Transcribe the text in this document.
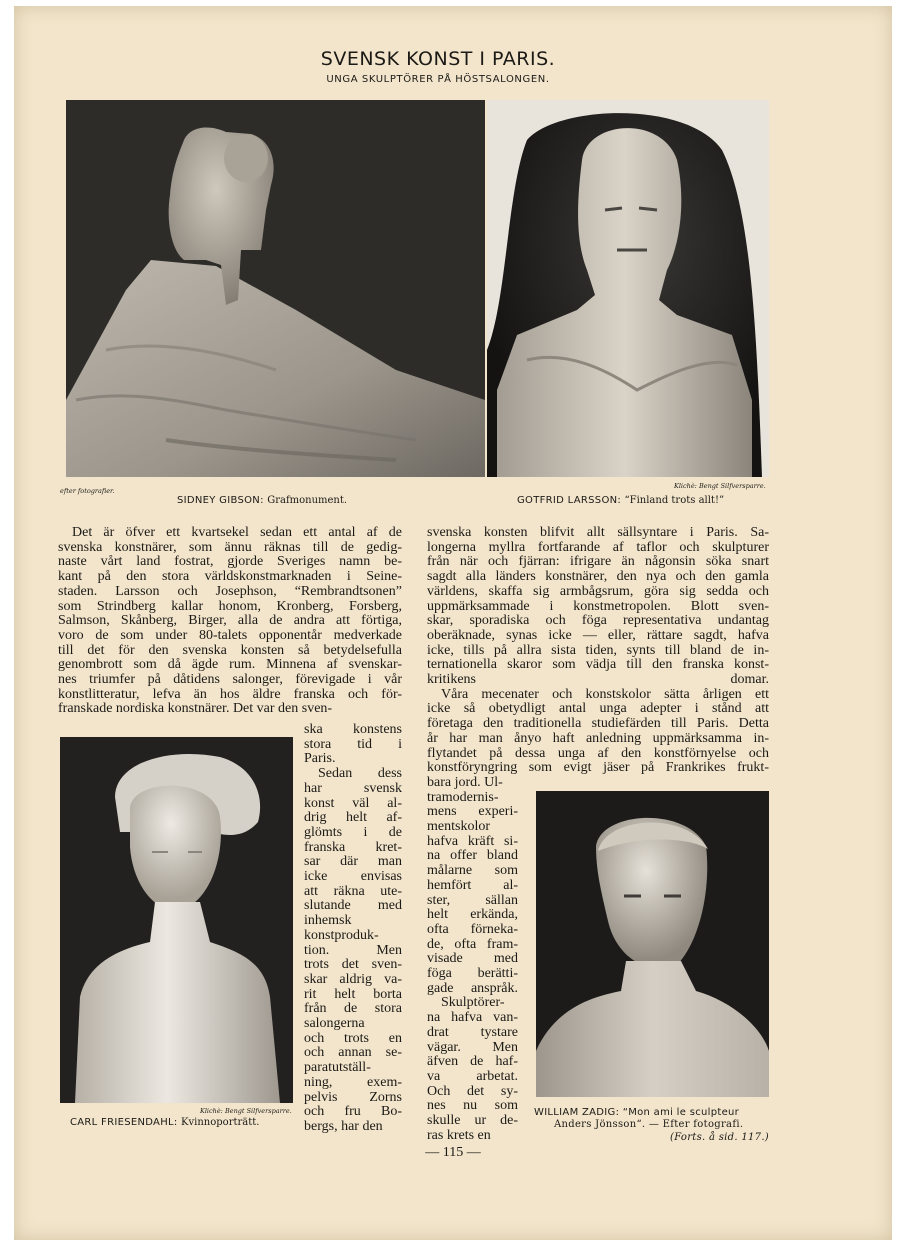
SVENSK KONST I PARIS.
UNGA SKULPTÖRER PÅ HÖSTSALONGEN.
efter fotografier.
SIDNEY GIBSON: Grafmonument.
Klichè: Bengt Silfversparre.
GOTFRID LARSSON: “Finland trots allt!”
Klichè: Bengt Silfversparre.
CARL FRIESENDAHL: Kvinnoporträtt.
WILLIAM ZADIG: “Mon ami le sculpteur
Anders Jönsson“. — Efter fotografi.
(Forts. å sid. 117.)
Det är öfver ett kvartsekel sedan ett antal af de
svenska konstnärer, som ännu räknas till de gedig-
naste vårt land fostrat, gjorde Sveriges namn be-
kant på den stora världskonstmarknaden i Seine-
staden. Larsson och Josephson, “Rembrandtsonen”
som Strindberg kallar honom, Kronberg, Forsberg,
Salmson, Skånberg, Birger, alla de andra att förtiga,
voro de som under 80-talets opponentår medverkade
till det för den svenska konsten så betydelsefulla
genombrott som då ägde rum. Minnena af svenskar-
nes triumfer på dåtidens salonger, förevigade i vår
konstlitteratur, lefva än hos äldre franska och för-
franskade nordiska konstnärer. Det var den sven-
ska konstens
stora tid i
Paris.
Sedan dess
har svensk
konst väl al-
drig helt af-
glömts i de
franska kret-
sar där man
icke envisas
att räkna ute-
slutande med
inhemsk
konstproduk-
tion. Men
trots det sven-
skar aldrig va-
rit helt borta
från de stora
salongerna
och trots en
och annan se-
paratutställ-
ning, exem-
pelvis Zorns
och fru Bo-
bergs, har den
svenska konsten blifvit allt sällsyntare i Paris. Sa-
longerna myllra fortfarande af taflor och skulpturer
från när och fjärran: ifrigare än någonsin söka snart
sagdt alla länders konstnärer, den nya och den gamla
världens, skaffa sig armbågsrum, göra sig sedda och
uppmärksammade i konstmetropolen. Blott sven-
skar, sporadiska och föga representativa undantag
oberäknade, synas icke — eller, rättare sagdt, hafva
icke, tills på allra sista tiden, synts till bland de in-
ternationella skaror som vädja till den franska konst-
kritikens domar.
Våra mecenater och konstskolor sätta årligen ett
icke så obetydligt antal unga adepter i stånd att
företaga den traditionella studiefärden till Paris. Detta
år har man ånyo haft anledning uppmärksamma in-
flytandet på dessa unga af den konstförnyelse och
konstföryngring som evigt jäser på Frankrikes frukt-
bara jord. Ul-
tramodernis-
mens experi-
mentskolor
hafva kräft si-
na offer bland
målarne som
hemfört al-
ster, sällan
helt erkända,
ofta förneka-
de, ofta fram-
visade med
föga berätti-
gade anspråk.
Skulptörer-
na hafva van-
drat tystare
vägar. Men
äfven de haf-
va arbetat.
Och det sy-
nes nu som
skulle ur de-
ras krets en
— 115 —
